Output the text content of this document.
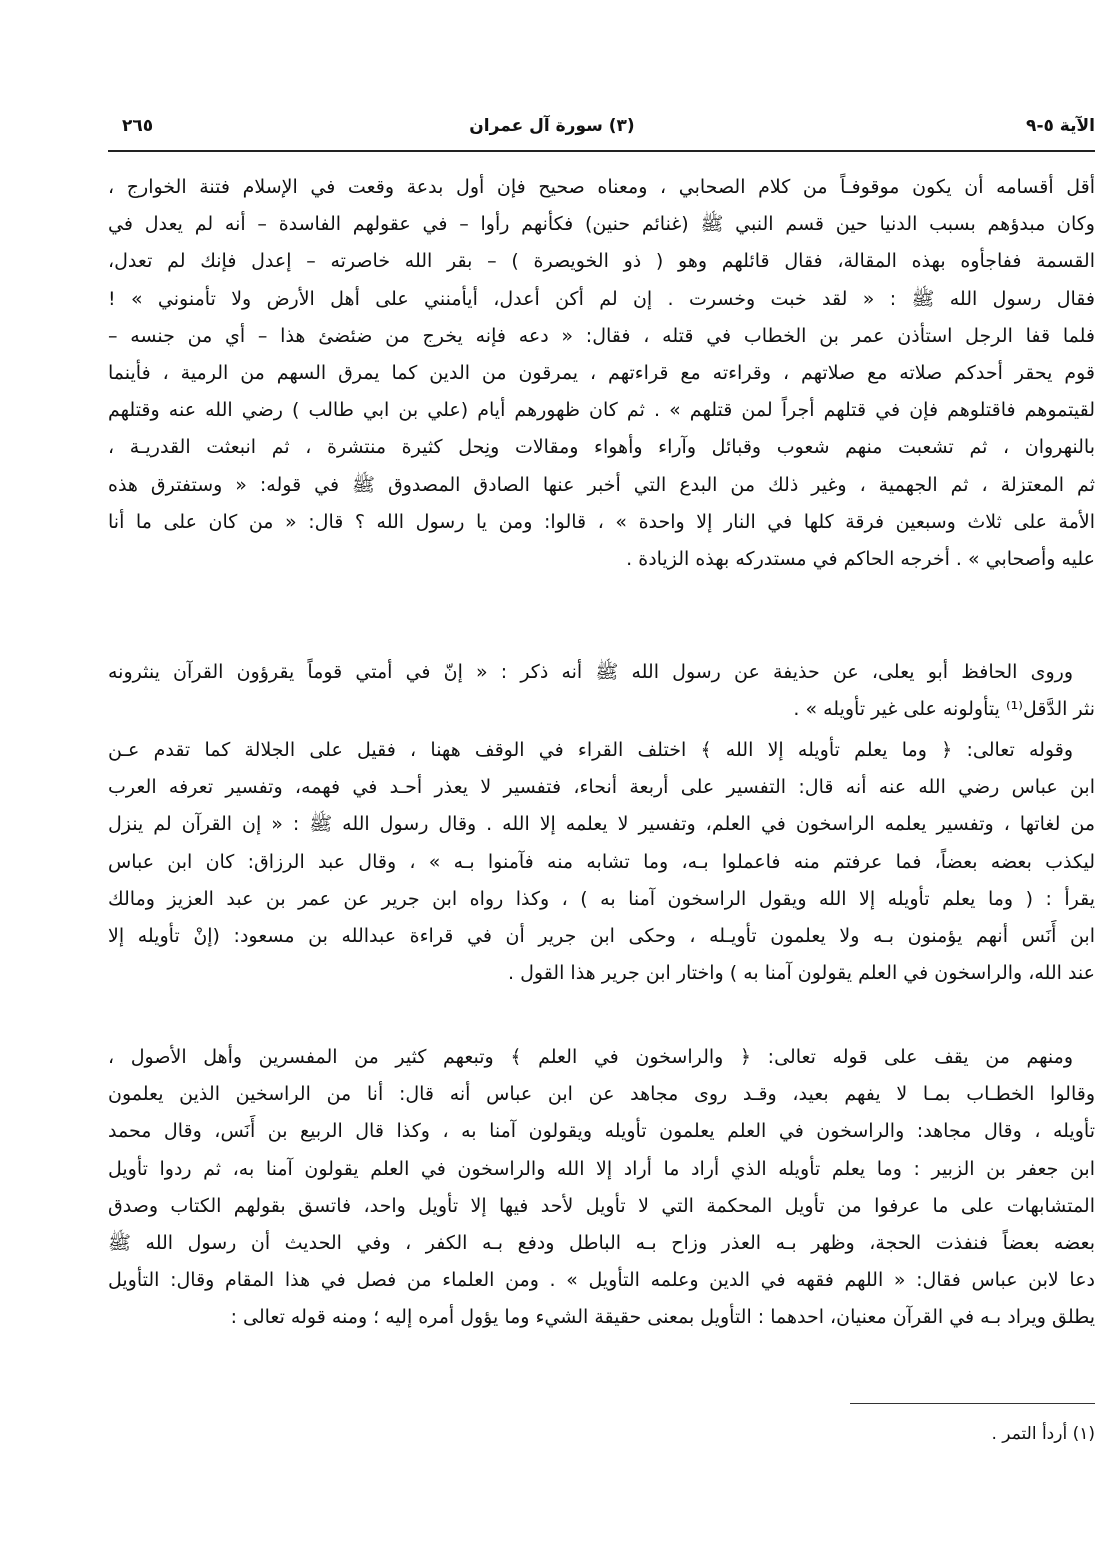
الآية ٥-٩
(٣) سورة آل عمران
٢٦٥
أقل أقسامه أن يكون موقوفـاً من كلام الصحابي ، ومعناه صحيح فإن أول بدعة وقعت في الإسلام فتنة الخوارج ،
وكان مبدؤهم بسبب الدنيا حين قسم النبي ﷺ (غنائم حنين) فكأنهم رأوا – في عقولهم الفاسدة – أنه لم يعدل في
القسمة ففاجأوه بهذه المقالة، فقال قائلهم وهو ( ذو الخويصرة ) – بقر الله خاصرته – إعدل فإنك لم تعدل،
فقال رسول الله ﷺ : « لقد خبت وخسرت . إن لم أكن أعدل، أيأمنني على أهل الأرض ولا تأمنوني » !
فلما قفا الرجل استأذن عمر بن الخطاب في قتله ، فقال: « دعه فإنه يخرج من ضئضئ هذا – أي من جنسه –
قوم يحقر أحدكم صلاته مع صلاتهم ، وقراءته مع قراءتهم ، يمرقون من الدين كما يمرق السهم من الرمية ، فأينما
لقيتموهم فاقتلوهم فإن في قتلهم أجراً لمن قتلهم » . ثم كان ظهورهم أيام (علي بن ابي طالب ) رضي الله عنه وقتلهم
بالنهروان ، ثم تشعبت منهم شعوب وقبائل وآراء وأهواء ومقالات ونِحل كثيرة منتشرة ، ثم انبعثت القدريـة ،
ثم المعتزلة ، ثم الجهمية ، وغير ذلك من البدع التي أخبر عنها الصادق المصدوق ﷺ في قوله: « وستفترق هذه
الأمة على ثلاث وسبعين فرقة كلها في النار إلا واحدة » ، قالوا: ومن يا رسول الله ؟ قال: « من كان على ما أنا
عليه وأصحابي » . أخرجه الحاكم في مستدركه بهذه الزيادة .
وروى الحافظ أبو يعلى، عن حذيفة عن رسول الله ﷺ أنه ذكر : « إنّ في أمتي قوماً يقرؤون القرآن ينثرونه
نثر الدَّقل⁽¹⁾ يتأولونه على غير تأويله » .
وقوله تعالى: ﴿ وما يعلم تأويله إلا الله ﴾ اختلف القراء في الوقف ههنا ، فقيل على الجلالة كما تقدم عـن
ابن عباس رضي الله عنه أنه قال: التفسير على أربعة أنحاء، فتفسير لا يعذر أحـد في فهمه، وتفسير تعرفه العرب
من لغاتها ، وتفسير يعلمه الراسخون في العلم، وتفسير لا يعلمه إلا الله . وقال رسول الله ﷺ : « إن القرآن لم ينزل
ليكذب بعضه بعضاً، فما عرفتم منه فاعملوا بـه، وما تشابه منه فآمنوا بـه » ، وقال عبد الرزاق: كان ابن عباس
يقرأ : ( وما يعلم تأويله إلا الله ويقول الراسخون آمنا به ) ، وكذا رواه ابن جرير عن عمر بن عبد العزيز ومالك
ابن أَنَس أنهم يؤمنون بـه ولا يعلمون تأويـله ، وحكى ابن جرير أن في قراءة عبدالله بن مسعود: (إنْ تأويله إلا
عند الله، والراسخون في العلم يقولون آمنا به ) واختار ابن جرير هذا القول .
ومنهم من يقف على قوله تعالى: ﴿ والراسخون في العلم ﴾ وتبعهم كثير من المفسرين وأهل الأصول ،
وقالوا الخطـاب بمـا لا يفهم بعيد، وقـد روى مجاهد عن ابن عباس أنه قال: أنا من الراسخين الذين يعلمون
تأويله ، وقال مجاهد: والراسخون في العلم يعلمون تأويله ويقولون آمنا به ، وكذا قال الربيع بن أَنَس، وقال محمد
ابن جعفر بن الزبير : وما يعلم تأويله الذي أراد ما أراد إلا الله والراسخون في العلم يقولون آمنا به، ثم ردوا تأويل
المتشابهات على ما عرفوا من تأويل المحكمة التي لا تأويل لأحد فيها إلا تأويل واحد، فاتسق بقولهم الكتاب وصدق
بعضه بعضاً فنفذت الحجة، وظهر بـه العذر وزاح بـه الباطل ودفع بـه الكفر ، وفي الحديث أن رسول الله ﷺ
دعا لابن عباس فقال: « اللهم فقهه في الدين وعلمه التأويل » . ومن العلماء من فصل في هذا المقام وقال: التأويل
يطلق ويراد بـه في القرآن معنيان، احدهما : التأويل بمعنى حقيقة الشيء وما يؤول أمره إليه ؛ ومنه قوله تعالى :
(١) أردأ التمر .
